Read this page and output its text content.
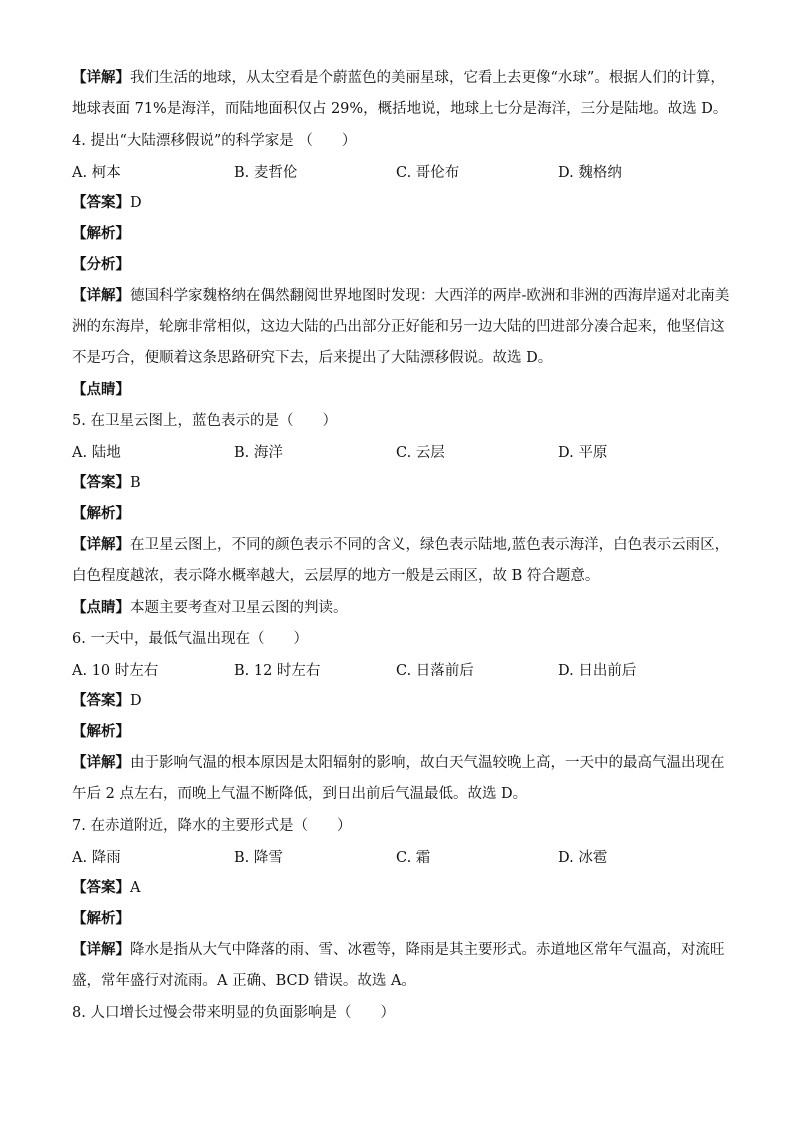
【详解】我们生活的地球，从太空看是个蔚蓝色的美丽星球，它看上去更像“水球”。根据人们的计算，地球表面 71%是海洋，而陆地面积仅占 29%，概括地说，地球上七分是海洋，三分是陆地。故选 D。
4. 提出“大陆漂移假说”的科学家是 （　　）
A. 柯本	B. 麦哲伦	C. 哥伦布	D. 魏格纳
【答案】 D
【解析】
【分析】
【详解】德国科学家魏格纳在偶然翻阅世界地图时发现：大西洋的两岸-欧洲和非洲的西海岸遥对北南美洲的东海岸，轮廓非常相似，这边大陆的凸出部分正好能和另一边大陆的凹进部分凑合起来，他坚信这不是巧合，便顺着这条思路研究下去，后来提出了大陆漂移假说。故选 D。
【点睛】
5. 在卫星云图上，蓝色表示的是（　　）
A. 陆地	B. 海洋	C. 云层	D. 平原
【答案】 B
【解析】
【详解】在卫星云图上，不同的颜色表示不同的含义，绿色表示陆地,蓝色表示海洋，白色表示云雨区，白色程度越浓，表示降水概率越大，云层厚的地方一般是云雨区，故 B 符合题意。
【点睛】 本题主要考查对卫星云图的判读。
6. 一天中，最低气温出现在（　　）
A. 10 时左右	B. 12 时左右	C. 日落前后	D. 日出前后
【答案】 D
【解析】
【详解】由于影响气温的根本原因是太阳辐射的影响，故白天气温较晚上高，一天中的最高气温出现在午后 2 点左右，而晚上气温不断降低，到日出前后气温最低。故选 D。
7. 在赤道附近，降水的主要形式是（　　）
A. 降雨	B. 降雪	C. 霜	D. 冰雹
【答案】 A
【解析】
【详解】降水是指从大气中降落的雨、雪、冰雹等，降雨是其主要形式。赤道地区常年气温高，对流旺盛，常年盛行对流雨。A 正确、BCD 错误。故选 A。
8. 人口增长过慢会带来明显的负面影响是（　　）
